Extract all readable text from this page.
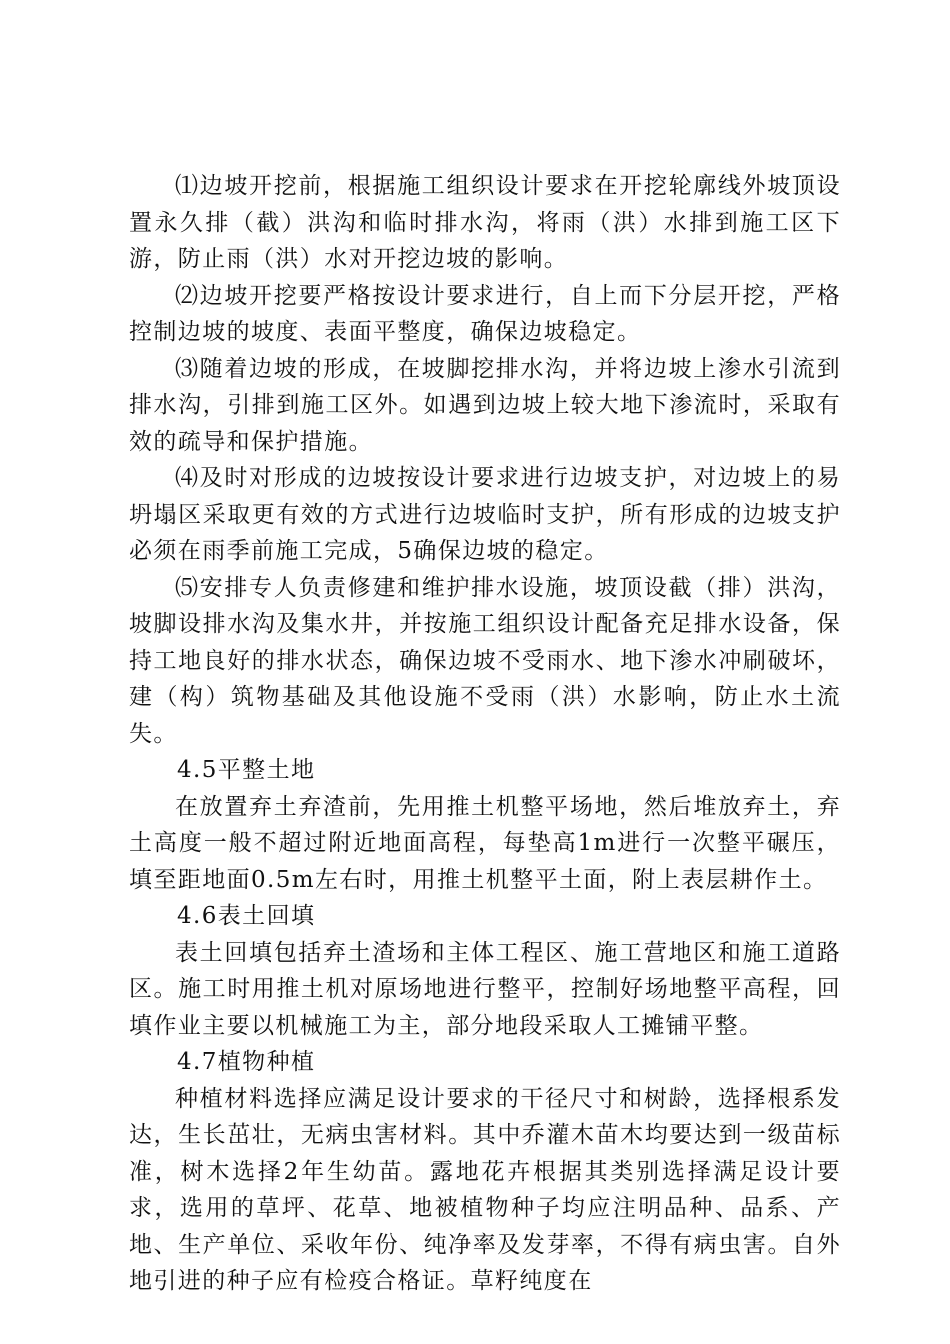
⑴边坡开挖前，根据施工组织设计要求在开挖轮廓线外坡顶设置永久排（截）洪沟和临时排水沟，将雨（洪）水排到施工区下游，防止雨（洪）水对开挖边坡的影响。

⑵边坡开挖要严格按设计要求进行，自上而下分层开挖，严格控制边坡的坡度、表面平整度，确保边坡稳定。

⑶随着边坡的形成，在坡脚挖排水沟，并将边坡上渗水引流到排水沟，引排到施工区外。如遇到边坡上较大地下渗流时，采取有效的疏导和保护措施。

⑷及时对形成的边坡按设计要求进行边坡支护，对边坡上的易坍塌区采取更有效的方式进行边坡临时支护，所有形成的边坡支护必须在雨季前施工完成，5确保边坡的稳定。

⑸安排专人负责修建和维护排水设施，坡顶设截（排）洪沟，坡脚设排水沟及集水井，并按施工组织设计配备充足排水设备，保持工地良好的排水状态，确保边坡不受雨水、地下渗水冲刷破坏，建（构）筑物基础及其他设施不受雨（洪）水影响，防止水土流失。

4.5平整土地

在放置弃土弃渣前，先用推土机整平场地，然后堆放弃土，弃土高度一般不超过附近地面高程，每垫高1m进行一次整平碾压，填至距地面0.5m左右时，用推土机整平土面，附上表层耕作土。

4.6表土回填

表土回填包括弃土渣场和主体工程区、施工营地区和施工道路区。施工时用推土机对原场地进行整平，控制好场地整平高程，回填作业主要以机械施工为主，部分地段采取人工摊铺平整。

4.7植物种植

种植材料选择应满足设计要求的干径尺寸和树龄，选择根系发达，生长茁壮，无病虫害材料。其中乔灌木苗木均要达到一级苗标准，树木选择2年生幼苗。露地花卉根据其类别选择满足设计要求，选用的草坪、花草、地被植物种子均应注明品种、品系、产地、生产单位、采收年份、纯净率及发芽率，不得有病虫害。自外地引进的种子应有检疫合格证。草籽纯度在
